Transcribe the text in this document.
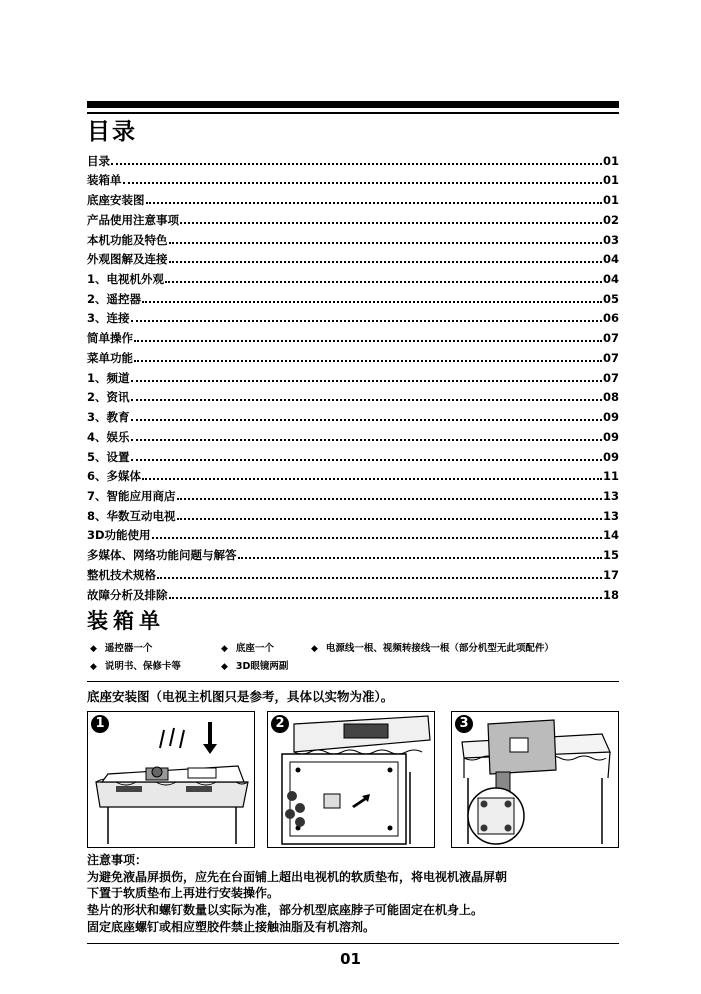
目录
目录	01
装箱单	01
底座安装图	01
产品使用注意事项	02
本机功能及特色	03
外观图解及连接	04
1、电视机外观	04
2、遥控器	05
3、连接	06
简单操作	07
菜单功能	07
1、频道	07
2、资讯	08
3、教育	09
4、娱乐	09
5、设置	09
6、多媒体	11
7、智能应用商店	13
8、华数互动电视	13
3D功能使用	14
多媒体、网络功能问题与解答	15
整机技术规格	17
故障分析及排除	18
装箱单
◆ 遥控器一个	◆ 底座一个	◆ 电源线一根、视频转接线一根（部分机型无此项配件）
◆ 说明书、保修卡等	◆ 3D眼镜两副
底座安装图（电视主机图只是参考，具体以实物为准）。
1	2	3
注意事项：
为避免液晶屏损伤，应先在台面铺上超出电视机的软质垫布，将电视机液晶屏朝
下置于软质垫布上再进行安装操作。
垫片的形状和螺钉数量以实际为准，部分机型底座脖子可能固定在机身上。
固定底座螺钉或相应塑胶件禁止接触油脂及有机溶剂。
01
